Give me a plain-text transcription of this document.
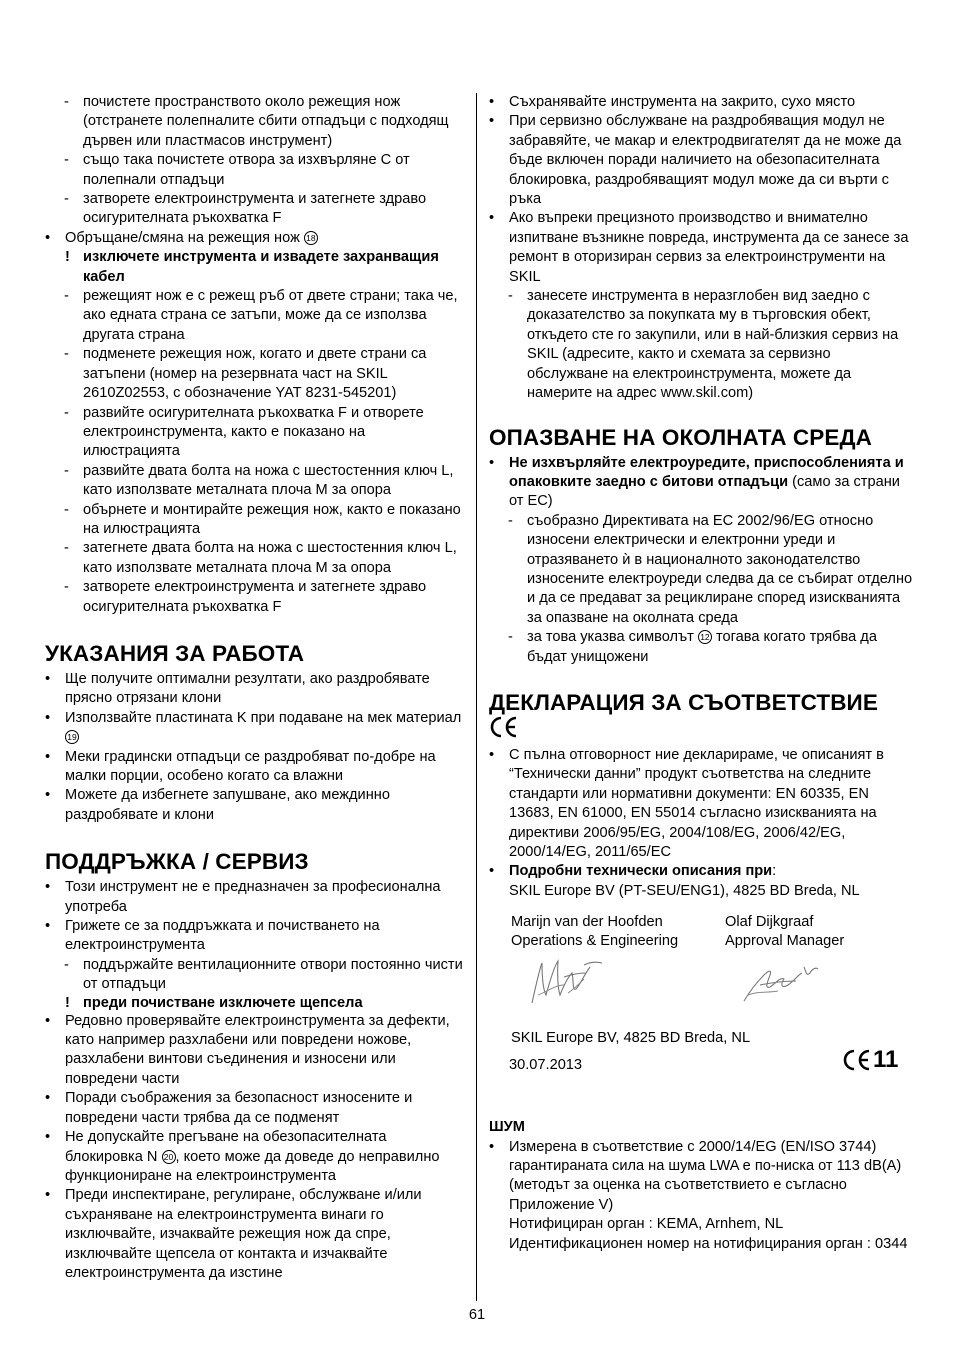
- почистете пространството около режещия нож (отстранете полепналите сбити отпадъци с подходящ дървен или пластмасов инструмент)

- също така почистете отвора за изхвърляне С от полепнали отпадъци

- затворете електроинструмента и затегнете здраво осигурителната ръкохватка F

• Обръщане/смяна на режещия нож 18

! изключете инструмента и извадете захранващия кабел

- режещият нож е с режещ ръб от двете страни; така че, ако едната страна се затъпи, може да се използва другата страна

- подменете режещия нож, когато и двете страни са затъпени (номер на резервната част на SKIL 2610Z02553, с обозначение YAT 8231-545201)

- развийте осигурителната ръкохватка F и отворете електроинструмента, както е показано на илюстрацията

- развийте двата болта на ножа с шестостенния ключ L, като използвате металната плоча M за опора

- обърнете и монтирайте режещия нож, както е показано на илюстрацията

- затегнете двата болта на ножа с шестостенния ключ L, като използвате металната плоча M за опора

- затворете електроинструмента и затегнете здраво осигурителната ръкохватка F

УКАЗАНИЯ ЗА РАБОТА

• Ще получите оптимални резултати, ако раздробявате прясно отрязани клони

• Използвайте пластината K при подаване на мек материал 19

• Меки градински отпадъци се раздробяват по-добре на малки порции, особено когато са влажни

• Можете да избегнете запушване, ако междинно раздробявате и клони

ПОДДРЪЖКА / СЕРВИЗ

• Този инструмент не е предназначен за професионална употреба

• Грижете се за поддръжката и почистването на електроинструмента

- поддържайте вентилационните отвори постоянно чисти от отпадъци

! преди почистване изключете щепсела

• Редовно проверявайте електроинструмента за дефекти, като например разхлабени или повредени ножове, разхлабени винтови съединения и износени или повредени части

• Поради съображения за безопасност износените и повредени части трябва да се подменят

• Не допускайте прегъване на обезопасителната блокировка N 20 , което може да доведе до неправилно функциониране на електроинструмента

• Преди инспектиране, регулиране, обслужване и/или съхраняване на електроинструмента винаги го изключвайте, изчаквайте режещия нож да спре, изключвайте щепсела от контакта и изчаквайте електроинструмента да изстине

• Съхранявайте инструмента на закрито, сухо място

• При сервизно обслужване на раздробяващия модул не забравяйте, че макар и електродвигателят да не може да бъде включен поради наличието на обезопасителната блокировка, раздробяващият модул може да си върти с ръка

• Ако въпреки прецизното производство и внимателно изпитване възникне повреда, инструмента да се занесе за ремонт в оторизиран сервиз за електроинструменти на SKIL

- занесете инструмента в неразглобен вид заедно с доказателство за покупката му в търговския обект, откъдето сте го закупили, или в най-близкия сервиз на SKIL (адресите, както и схемата за сервизно обслужване на електроинструмента, можете да намерите на адрес www.skil.com)

ОПАЗВАНЕ НА ОКОЛНАТА СРЕДА

• Не изхвърляйте електроуредите, приспособленията и опаковките заедно с битови отпадъци (само за страни от ЕС)

- съобразно Директивата на ЕС 2002/96/EG относно износени електрически и електронни уреди и отразяването ѝ в националното законодателство износените електроуреди следва да се събират отделно и да се предават за рециклиране според изискванията за опазване на околната среда

- за това указва символът 12 тогава когато трябва да бъдат унищожени

ДЕКЛАРАЦИЯ ЗА СЪОТВЕТСТВИЕ

• С пълна отговорност ние декларираме, че описаният в “Технически данни” продукт съответства на следните стандарти или нормативни документи: EN 60335, EN 13683, EN 61000, EN 55014 съгласно изискванията на директиви 2006/95/EG, 2004/108/EG, 2006/42/EG, 2000/14/EG, 2011/65/EC

• Подробни технически описания при:
SKIL Europe BV (PT-SEU/ENG1), 4825 BD Breda, NL

Marijn van der Hoofden
Operations & Engineering
Olaf Dijkgraaf
Approval Manager
SKIL Europe BV, 4825 BD Breda, NL
30.07.2013	11
ШУМ

• Измерена в съответствие с 2000/14/EG (EN/ISO 3744) гарантираната сила на шума LWA е по-ниска от 113 dB(A) (методът за оценка на съответствието е съгласно Приложение V)
Нотифициран орган : KEMA, Arnhem, NL
Идентификационен номер на нотифицирания орган : 0344

61
